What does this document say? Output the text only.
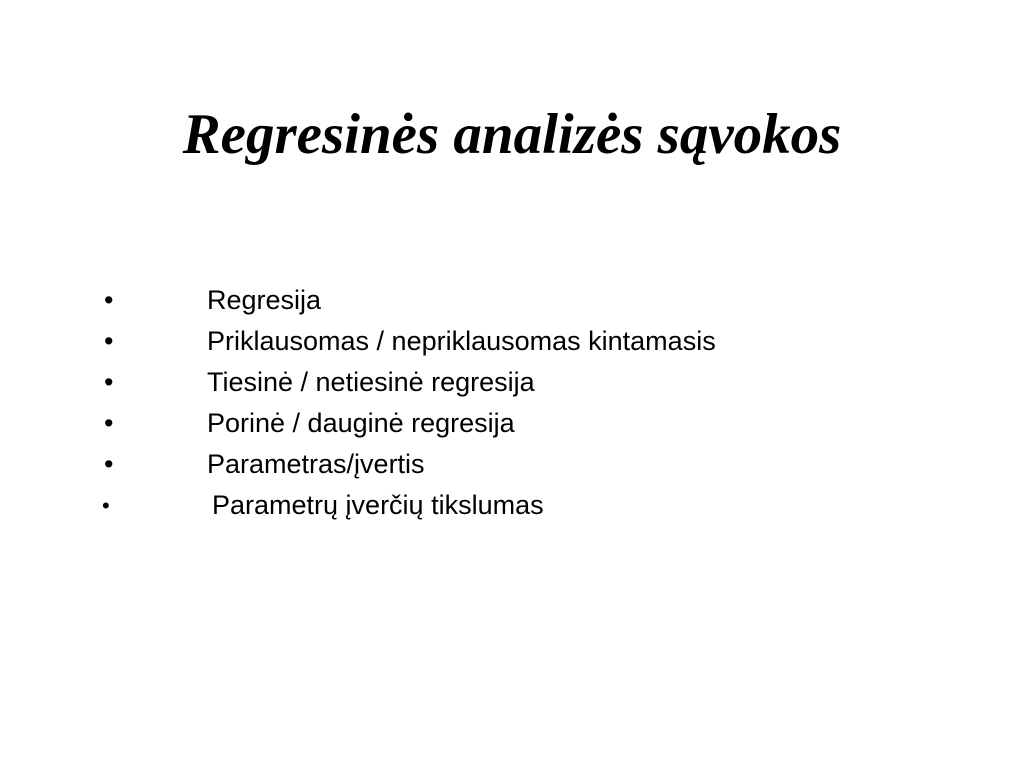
Regresinės analizės sąvokos
•	Regresija
•	Priklausomas / nepriklausomas kintamasis
•	Tiesinė / netiesinė regresija
•	Porinė / dauginė regresija
•	Parametras/įvertis
•	Parametrų įverčių tikslumas
